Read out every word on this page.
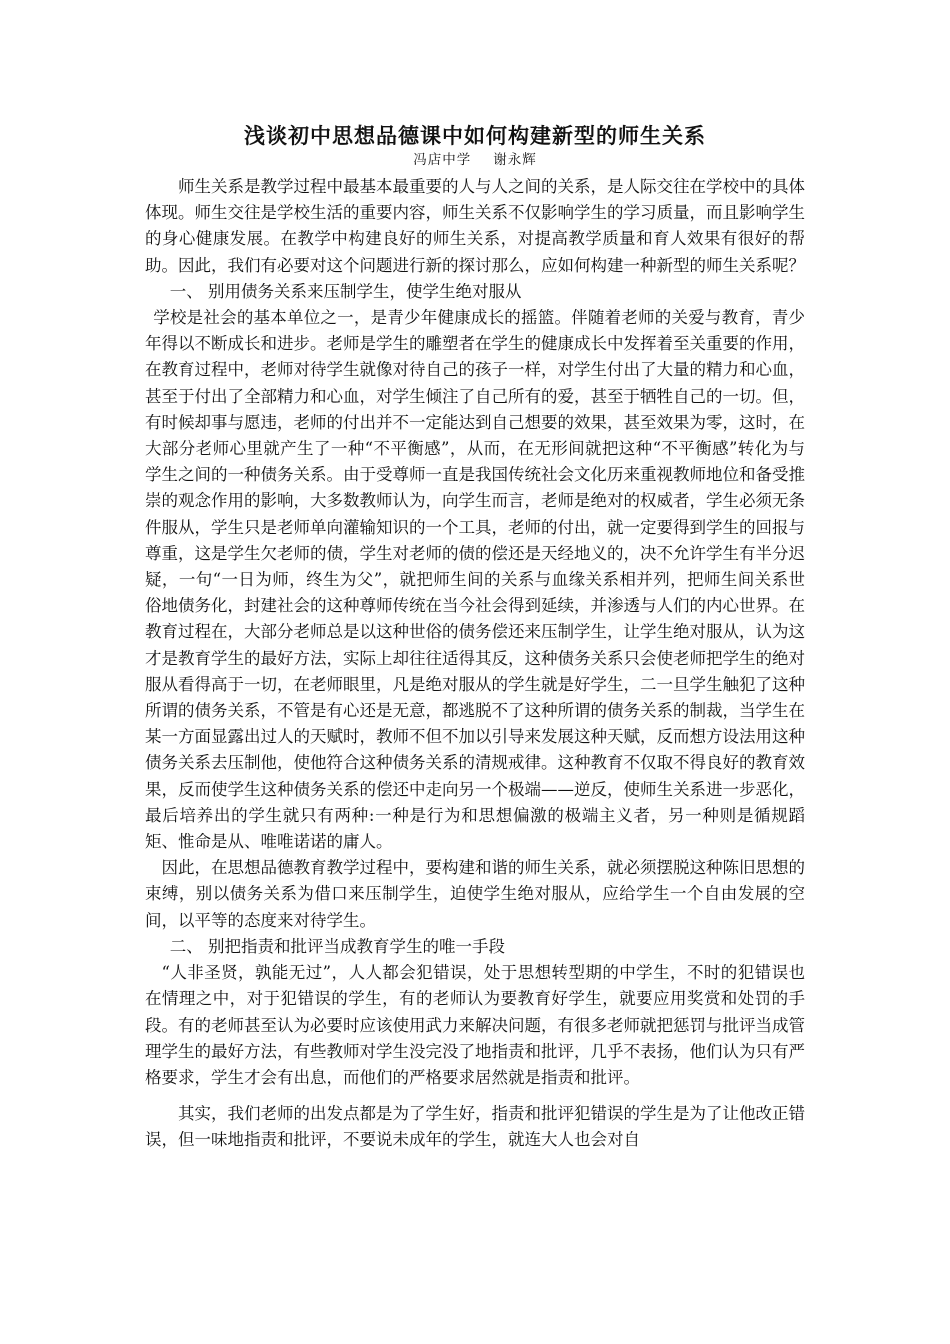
浅谈初中思想品德课中如何构建新型的师生关系
冯店中学 谢永辉

师生关系是教学过程中最基本最重要的人与人之间的关系，是人际交往在学校中的具体体现。师生交往是学校生活的重要内容，师生关系不仅影响学生的学习质量，而且影响学生的身心健康发展。在教学中构建良好的师生关系，对提高教学质量和育人效果有很好的帮助。因此，我们有必要对这个问题进行新的探讨那么，应如何构建一种新型的师生关系呢？

一、 别用债务关系来压制学生，使学生绝对服从

学校是社会的基本单位之一，是青少年健康成长的摇篮。伴随着老师的关爱与教育，青少年得以不断成长和进步。老师是学生的雕塑者在学生的健康成长中发挥着至关重要的作用，在教育过程中，老师对待学生就像对待自己的孩子一样，对学生付出了大量的精力和心血，甚至于付出了全部精力和心血，对学生倾注了自己所有的爱，甚至于牺牲自己的一切。但，有时候却事与愿违，老师的付出并不一定能达到自己想要的效果，甚至效果为零，这时，在大部分老师心里就产生了一种“不平衡感”，从而，在无形间就把这种“不平衡感”转化为与学生之间的一种债务关系。由于受尊师一直是我国传统社会文化历来重视教师地位和备受推崇的观念作用的影响，大多数教师认为，向学生而言，老师是绝对的权威者，学生必须无条件服从，学生只是老师单向灌输知识的一个工具，老师的付出，就一定要得到学生的回报与尊重，这是学生欠老师的债，学生对老师的债的偿还是天经地义的，决不允许学生有半分迟疑，一句“一日为师，终生为父”，就把师生间的关系与血缘关系相并列，把师生间关系世俗地债务化，封建社会的这种尊师传统在当今社会得到延续，并渗透与人们的内心世界。在教育过程在，大部分老师总是以这种世俗的债务偿还来压制学生，让学生绝对服从，认为这才是教育学生的最好方法，实际上却往往适得其反，这种债务关系只会使老师把学生的绝对服从看得高于一切，在老师眼里，凡是绝对服从的学生就是好学生，二一旦学生触犯了这种所谓的债务关系，不管是有心还是无意，都逃脱不了这种所谓的债务关系的制裁，当学生在某一方面显露出过人的天赋时，教师不但不加以引导来发展这种天赋，反而想方设法用这种债务关系去压制他，使他符合这种债务关系的清规戒律。这种教育不仅取不得良好的教育效果，反而使学生这种债务关系的偿还中走向另一个极端——逆反，使师生关系进一步恶化，最后培养出的学生就只有两种:一种是行为和思想偏激的极端主义者，另一种则是循规蹈矩、惟命是从、唯唯诺诺的庸人。

因此，在思想品德教育教学过程中，要构建和谐的师生关系，就必须摆脱这种陈旧思想的束缚，别以债务关系为借口来压制学生，迫使学生绝对服从，应给学生一个自由发展的空间，以平等的态度来对待学生。

二、 别把指责和批评当成教育学生的唯一手段

“人非圣贤，孰能无过”，人人都会犯错误，处于思想转型期的中学生，不时的犯错误也在情理之中，对于犯错误的学生，有的老师认为要教育好学生，就要应用奖赏和处罚的手段。有的老师甚至认为必要时应该使用武力来解决问题，有很多老师就把惩罚与批评当成管理学生的最好方法，有些教师对学生没完没了地指责和批评，几乎不表扬，他们认为只有严格要求，学生才会有出息，而他们的严格要求居然就是指责和批评。

其实，我们老师的出发点都是为了学生好，指责和批评犯错误的学生是为了让他改正错误，但一味地指责和批评，不要说未成年的学生，就连大人也会对自
